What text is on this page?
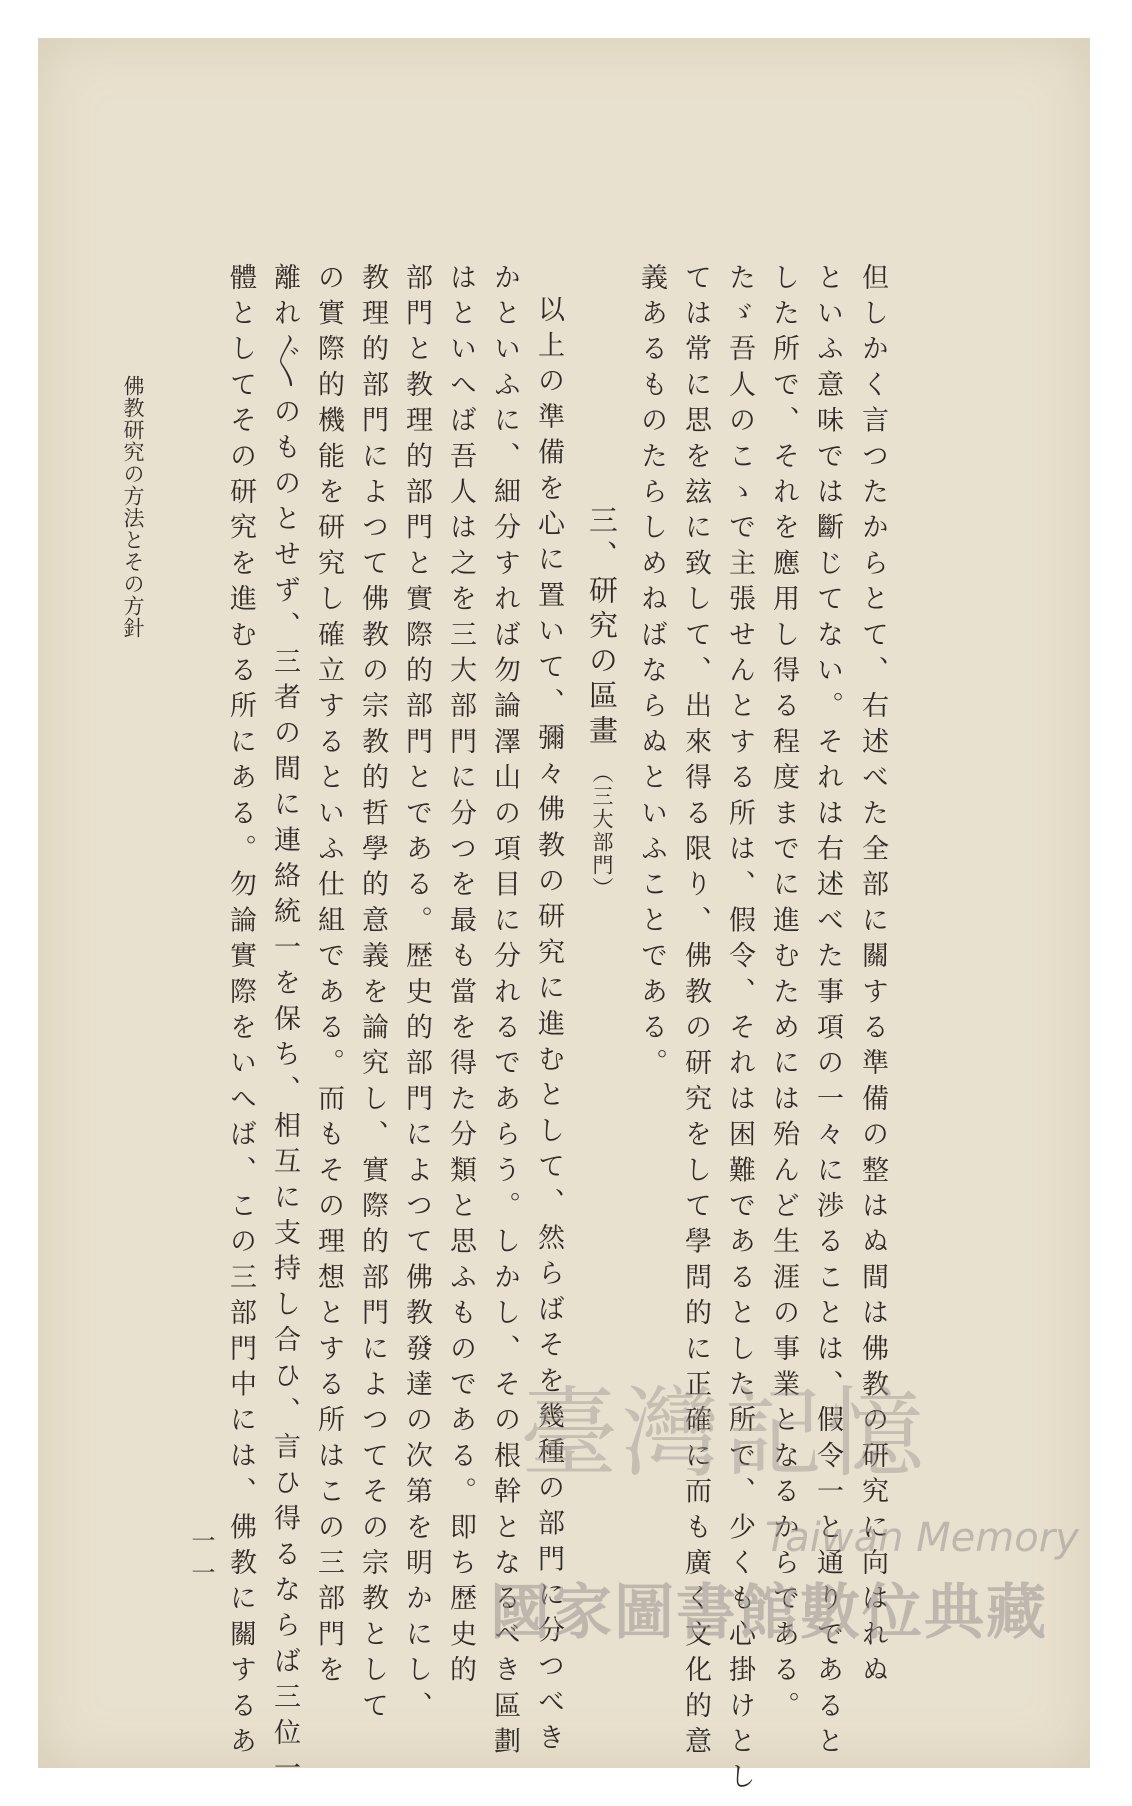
但しかく言つたからとて、右述べた全部に關する準備の整はぬ間は佛教の研究に向はれぬ
といふ意味では斷じてない。それは右述べた事項の一々に渉ることは、假令一と通りであると
した所で、それを應用し得る程度までに進むためには殆んど生涯の事業となるからである。
たゞ吾人のこゝで主張せんとする所は、假令、それは困難であるとした所で、少くも心掛けとし
ては常に思を玆に致して、出來得る限り、佛教の研究をして學問的に正確に而も廣く文化的意
義あるものたらしめねばならぬといふことである。
三、研究の區畫（三大部門）
以上の準備を心に置いて、彌々佛教の研究に進むとして、然らばそを幾種の部門に分つべき
かといふに、細分すれば勿論澤山の項目に分れるであらう。しかし、その根幹となるべき區劃
はといへば吾人は之を三大部門に分つを最も當を得た分類と思ふものである。即ち歴史的
部門と教理的部門と實際的部門とである。歴史的部門によつて佛教發達の次第を明かにし、
教理的部門によつて佛教の宗教的哲學的意義を論究し、實際的部門によつてその宗教として
の實際的機能を研究し確立するといふ仕組である。而もその理想とする所はこの三部門を
離れ〴〵のものとせず、三者の間に連絡統一を保ち、相互に支持し合ひ、言ひ得るならば三位一
體としてその研究を進むる所にある。勿論實際をいへば、この三部門中には、佛教に關するあ
佛教研究の方法とその方針
一一
臺灣記憶
Taiwan Memory
國家圖書館數位典藏
